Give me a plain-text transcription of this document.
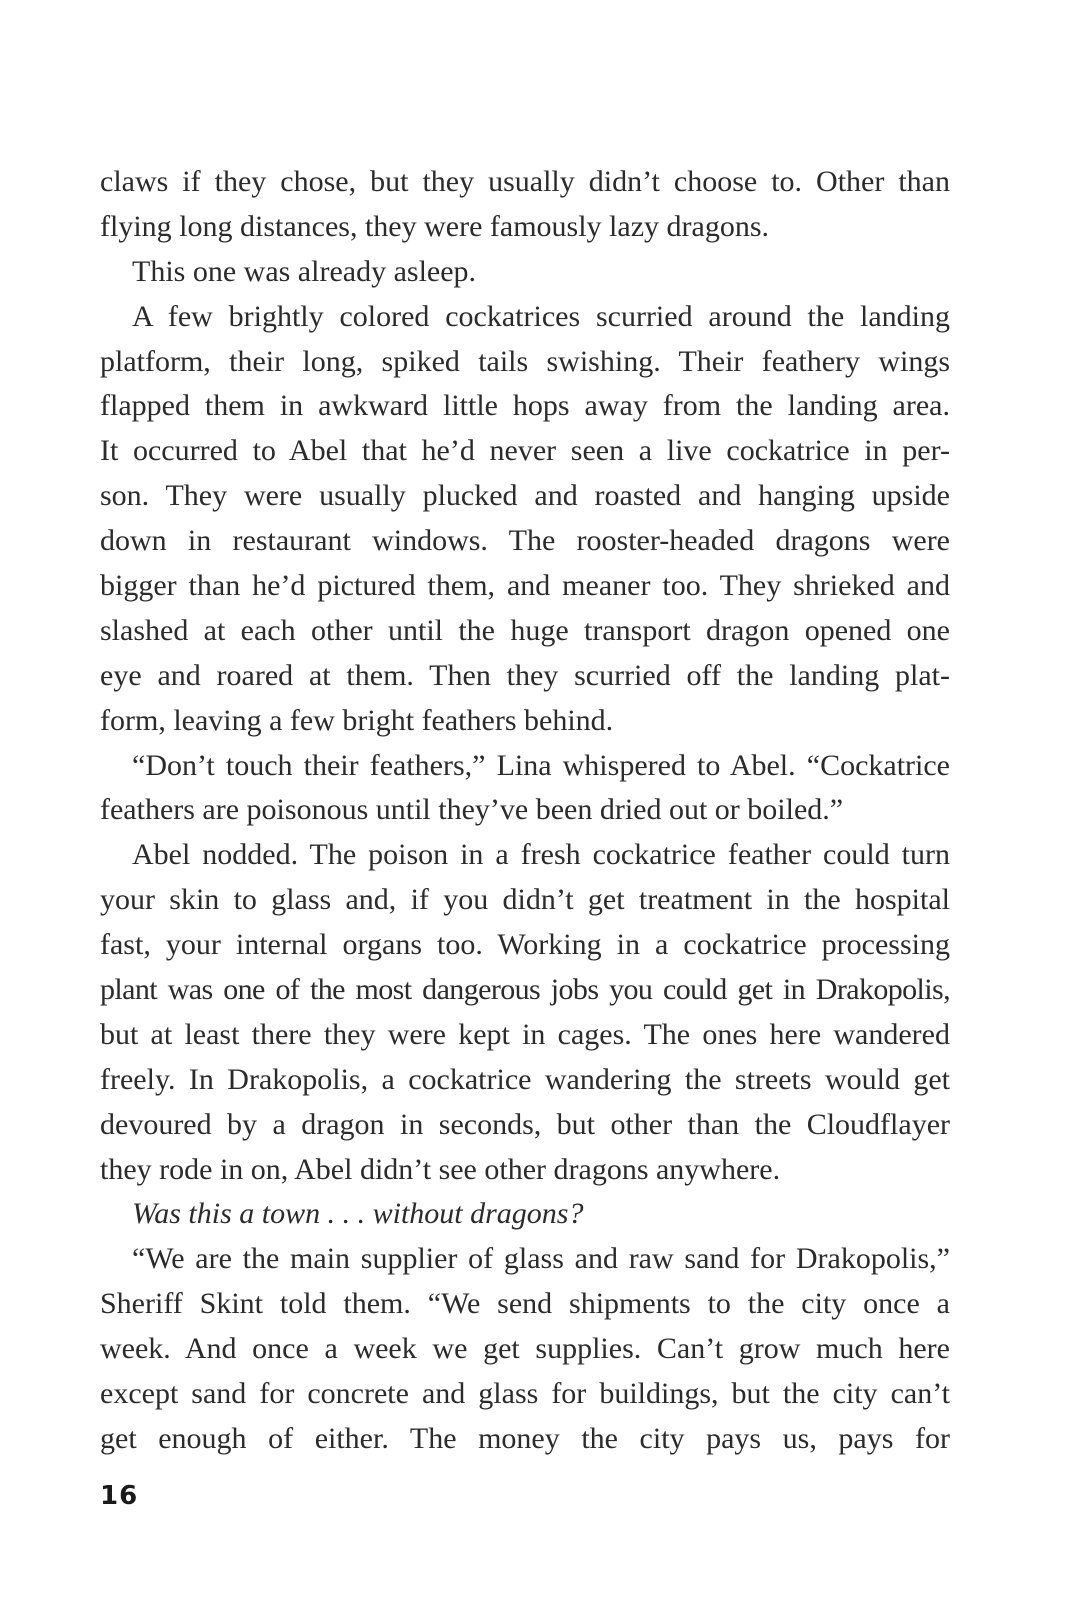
claws if they chose, but they usually didn’t choose to. Other than
flying long distances, they were famously lazy dragons.
This one was already asleep.
A few brightly colored cockatrices scurried around the landing
platform, their long, spiked tails swishing. Their feathery wings
flapped them in awkward little hops away from the landing area.
It occurred to Abel that he’d never seen a live cockatrice in per-
son. They were usually plucked and roasted and hanging upside
down in restaurant windows. The rooster-headed dragons were
bigger than he’d pictured them, and meaner too. They shrieked and
slashed at each other until the huge transport dragon opened one
eye and roared at them. Then they scurried off the landing plat-
form, leaving a few bright feathers behind.
“Don’t touch their feathers,” Lina whispered to Abel. “Cockatrice
feathers are poisonous until they’ve been dried out or boiled.”
Abel nodded. The poison in a fresh cockatrice feather could turn
your skin to glass and, if you didn’t get treatment in the hospital
fast, your internal organs too. Working in a cockatrice processing
plant was one of the most dangerous jobs you could get in Drakopolis,
but at least there they were kept in cages. The ones here wandered
freely. In Drakopolis, a cockatrice wandering the streets would get
devoured by a dragon in seconds, but other than the Cloudflayer
they rode in on, Abel didn’t see other dragons anywhere.
Was this a town . . . without dragons?
“We are the main supplier of glass and raw sand for Drakopolis,”
Sheriff Skint told them. “We send shipments to the city once a
week. And once a week we get supplies. Can’t grow much here
except sand for concrete and glass for buildings, but the city can’t
get enough of either. The money the city pays us, pays for
16
